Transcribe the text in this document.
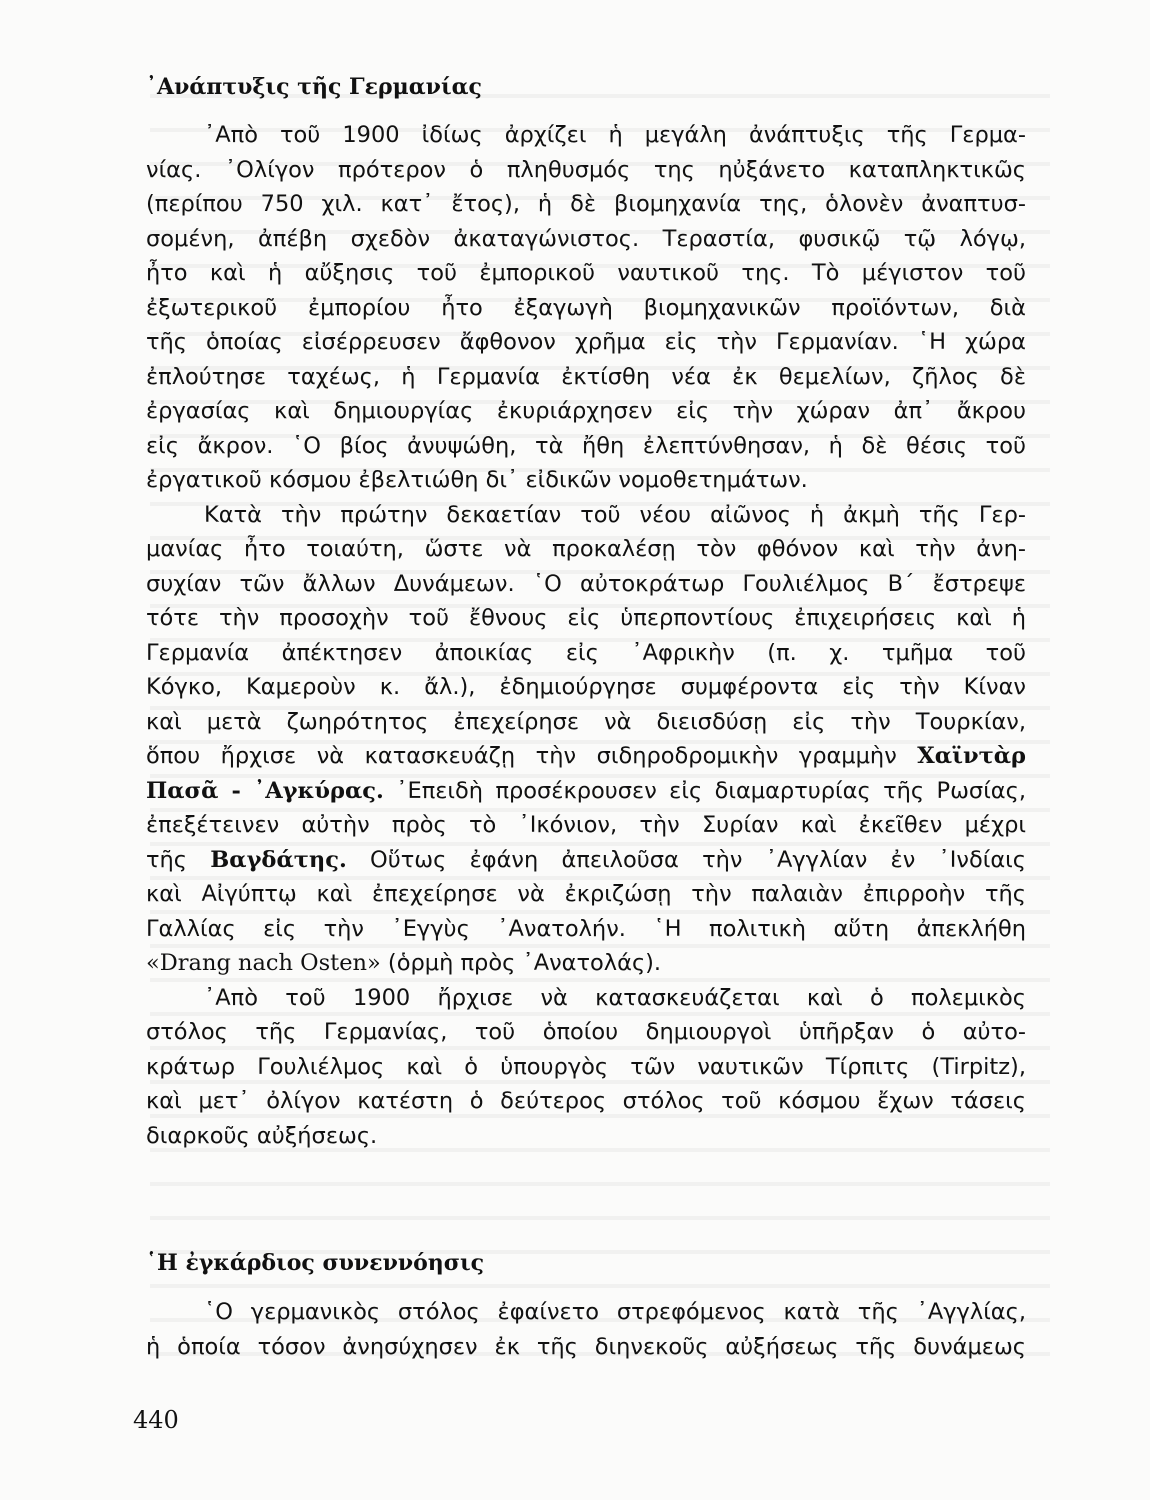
᾿Ανάπτυξις τῆς Γερμανίας
᾿Απὸ τοῦ 1900 ἰδίως ἀρχίζει ἡ μεγάλη ἀνάπτυξις τῆς Γερμα-
νίας. ᾿Ολίγον πρότερον ὁ πληθυσμός της ηὐξάνετο καταπληκτικῶς
(περίπου 750 χιλ. κατ᾿ ἔτος), ἡ δὲ βιομηχανία της, ὁλονὲν ἀναπτυσ-
σομένη, ἀπέβη σχεδὸν ἀκαταγώνιστος. Τεραστία, φυσικῷ τῷ λόγῳ,
ἦτο καὶ ἡ αὔξησις τοῦ ἐμπορικοῦ ναυτικοῦ της. Τὸ μέγιστον τοῦ
ἐξωτερικοῦ ἐμπορίου ἦτο ἐξαγωγὴ βιομηχανικῶν προϊόντων, διὰ
τῆς ὁποίας εἰσέρρευσεν ἄφθονον χρῆμα εἰς τὴν Γερμανίαν. ῾Η χώρα
ἐπλούτησε ταχέως, ἡ Γερμανία ἐκτίσθη νέα ἐκ θεμελίων, ζῆλος δὲ
ἐργασίας καὶ δημιουργίας ἐκυριάρχησεν εἰς τὴν χώραν ἀπ᾿ ἄκρου
εἰς ἄκρον. ῾Ο βίος ἀνυψώθη, τὰ ἤθη ἐλεπτύνθησαν, ἡ δὲ θέσις τοῦ
ἐργατικοῦ κόσμου ἐβελτιώθη δι᾿ εἰδικῶν νομοθετημάτων.
Κατὰ τὴν πρώτην δεκαετίαν τοῦ νέου αἰῶνος ἡ ἀκμὴ τῆς Γερ-
μανίας ἦτο τοιαύτη, ὥστε νὰ προκαλέσῃ τὸν φθόνον καὶ τὴν ἀνη-
συχίαν τῶν ἄλλων Δυνάμεων. ῾Ο αὐτοκράτωρ Γουλιέλμος Β΄ ἔστρεψε
τότε τὴν προσοχὴν τοῦ ἔθνους εἰς ὑπερποντίους ἐπιχειρήσεις καὶ ἡ
Γερμανία ἀπέκτησεν ἀποικίας εἰς ᾿Αφρικὴν (π. χ. τμῆμα τοῦ
Κόγκο, Καμεροὺν κ. ἄλ.), ἐδημιούργησε συμφέροντα εἰς τὴν Κίναν
καὶ μετὰ ζωηρότητος ἐπεχείρησε νὰ διεισδύσῃ εἰς τὴν Τουρκίαν,
ὅπου ἤρχισε νὰ κατασκευάζῃ τὴν σιδηροδρομικὴν γραμμὴν Χαϊντὰρ
Πασᾶ - ᾿Αγκύρας. ᾿Επειδὴ προσέκρουσεν εἰς διαμαρτυρίας τῆς Ρωσίας,
ἐπεξέτεινεν αὐτὴν πρὸς τὸ ᾿Ικόνιον, τὴν Συρίαν καὶ ἐκεῖθεν μέχρι
τῆς Βαγδάτης. Οὕτως ἐφάνη ἀπειλοῦσα τὴν ᾿Αγγλίαν ἐν ᾿Ινδίαις
καὶ Αἰγύπτῳ καὶ ἐπεχείρησε νὰ ἐκριζώσῃ τὴν παλαιὰν ἐπιρροὴν τῆς
Γαλλίας εἰς τὴν ᾿Εγγὺς ᾿Ανατολήν. ῾Η πολιτικὴ αὕτη ἀπεκλήθη
«Drang nach Osten» (ὁρμὴ πρὸς ᾿Ανατολάς).
᾿Απὸ τοῦ 1900 ἤρχισε νὰ κατασκευάζεται καὶ ὁ πολεμικὸς
στόλος τῆς Γερμανίας, τοῦ ὁποίου δημιουργοὶ ὑπῆρξαν ὁ αὐτο-
κράτωρ Γουλιέλμος καὶ ὁ ὑπουργὸς τῶν ναυτικῶν Τίρπιτς (Tirpitz),
καὶ μετ᾿ ὀλίγον κατέστη ὁ δεύτερος στόλος τοῦ κόσμου ἔχων τάσεις
διαρκοῦς αὐξήσεως.
῾Η ἐγκάρδιος συνεννόησις
῾Ο γερμανικὸς στόλος ἐφαίνετο στρεφόμενος κατὰ τῆς ᾿Αγγλίας,
ἡ ὁποία τόσον ἀνησύχησεν ἐκ τῆς διηνεκοῦς αὐξήσεως τῆς δυνάμεως

440
